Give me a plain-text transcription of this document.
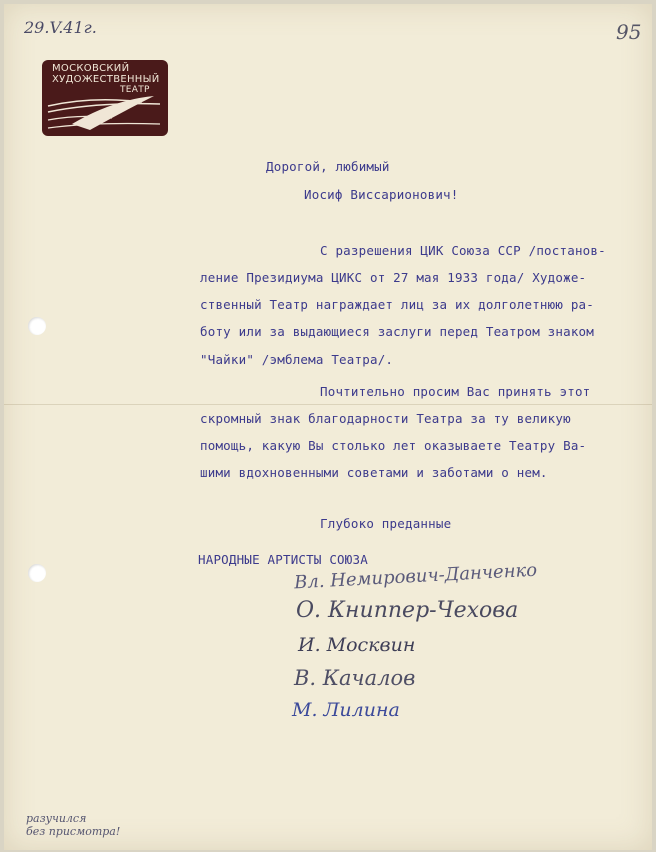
29.V.41г.	95
МОСКОВСКИЙ
ХУДОЖЕСТВЕННЫЙ
ТЕАТР
Дорогой, любимый
Иосиф Виссарионович!
С разрешения ЦИК Союза ССР /постанов-
ление Президиума ЦИКС от 27 мая 1933 года/ Художе-
ственный Театр награждает лиц за их долголетнюю ра-
боту или за выдающиеся заслуги перед Театром знаком
"Чайки" /эмблема Театра/.
Почтительно просим Вас принять этот
скромный знак благодарности Театра за ту великую
помощь, какую Вы столько лет оказываете Театру Ва-
шими вдохновенными советами и заботами о нем.
Глубоко преданные
НАРОДНЫЕ АРТИСТЫ СОЮЗА
Вл. Немирович-Данченко
О. Книппер-Чехова
И. Москвин
В. Качалов
М. Лилина
разучился
без присмотра!
